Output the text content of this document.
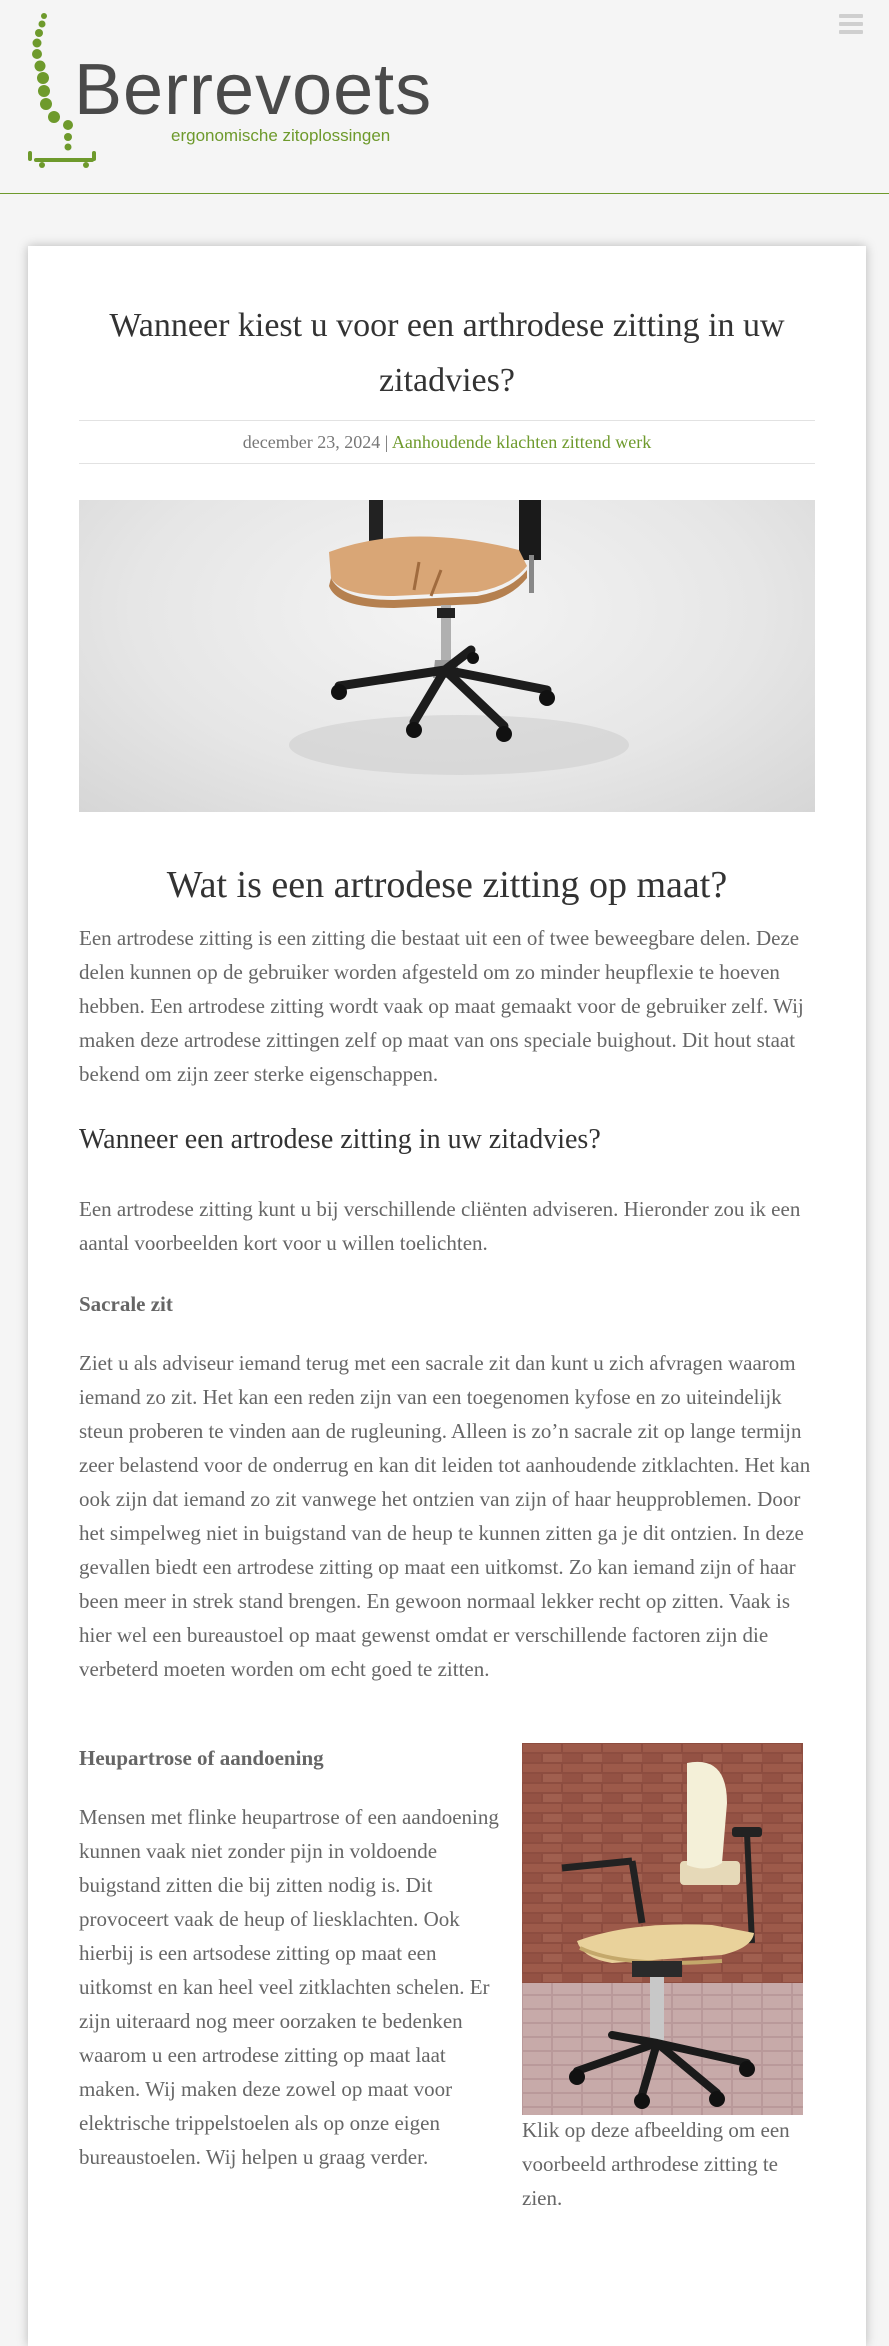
Berrevoets
ergonomische zitoplossingen
Wanneer kiest u voor een arthrodese zitting in uw zitadvies?
december 23, 2024 | Aanhoudende klachten zittend werk
Wat is een artrodese zitting op maat?

Een artrodese zitting is een zitting die bestaat uit een of twee beweegbare delen. Deze delen kunnen op de gebruiker worden afgesteld om zo minder heupflexie te hoeven hebben. Een artrodese zitting wordt vaak op maat gemaakt voor de gebruiker zelf. Wij maken deze artrodese zittingen zelf op maat van ons speciale buighout. Dit hout staat bekend om zijn zeer sterke eigenschappen.

Wanneer een artrodese zitting in uw zitadvies?

Een artrodese zitting kunt u bij verschillende cliënten adviseren. Hieronder zou ik een aantal voorbeelden kort voor u willen toelichten.

Sacrale zit

Ziet u als adviseur iemand terug met een sacrale zit dan kunt u zich afvragen waarom iemand zo zit. Het kan een reden zijn van een toegenomen kyfose en zo uiteindelijk steun proberen te vinden aan de rugleuning. Alleen is zo’n sacrale zit op lange termijn zeer belastend voor de onderrug en kan dit leiden tot aanhoudende zitklachten. Het kan ook zijn dat iemand zo zit vanwege het ontzien van zijn of haar heupproblemen. Door het simpelweg niet in buigstand van de heup te kunnen zitten ga je dit ontzien. In deze gevallen biedt een artrodese zitting op maat een uitkomst. Zo kan iemand zijn of haar been meer in strek stand brengen. En gewoon normaal lekker recht op zitten. Vaak is hier wel een bureaustoel op maat gewenst omdat er verschillende factoren zijn die verbeterd moeten worden om echt goed te zitten.

Heupartrose of aandoening

Mensen met flinke heupartrose of een aandoening kunnen vaak niet zonder pijn in voldoende buigstand zitten die bij zitten nodig is. Dit provoceert vaak de heup of liesklachten. Ook hierbij is een artsodese zitting op maat een uitkomst en kan heel veel zitklachten schelen. Er zijn uiteraard nog meer oorzaken te bedenken waarom u een artrodese zitting op maat laat maken. Wij maken deze zowel op maat voor elektrische trippelstoelen als op onze eigen bureaustoelen. Wij helpen u graag verder.

Klik op deze afbeelding om een voorbeeld arthrodese zitting te zien.
